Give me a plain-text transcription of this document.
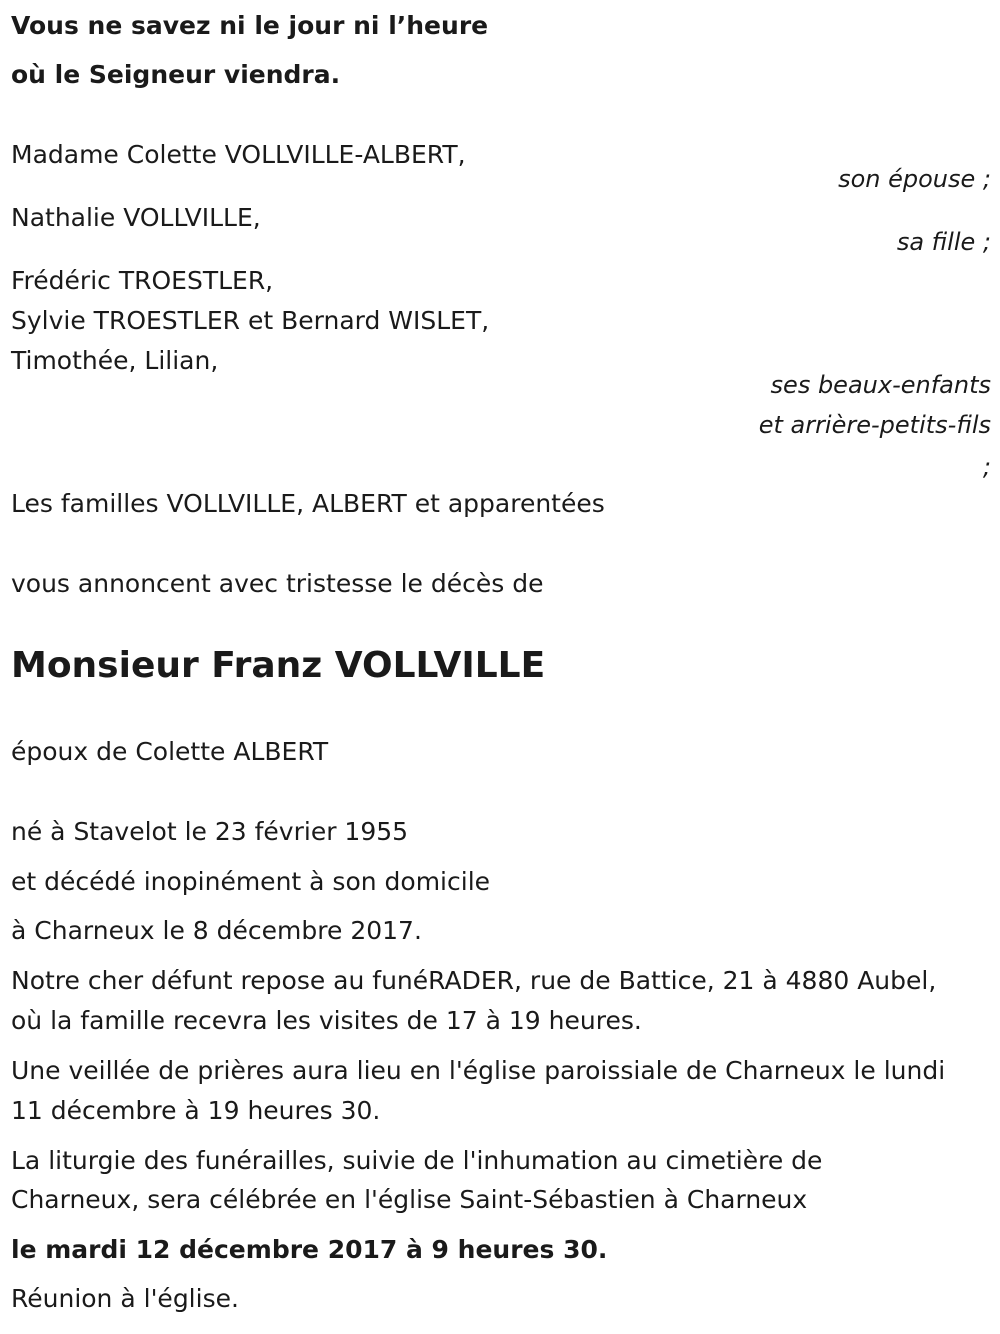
Vous ne savez ni le jour ni l’heure
où le Seigneur viendra.
Madame Colette VOLLVILLE-ALBERT,
son épouse ;
Nathalie VOLLVILLE,
sa fille ;
Frédéric TROESTLER,
Sylvie TROESTLER et Bernard WISLET,
Timothée, Lilian,
ses beaux-enfants
et arrière-petits-fils
;
Les familles VOLLVILLE, ALBERT et apparentées
vous annoncent avec tristesse le décès de
Monsieur Franz VOLLVILLE
époux de Colette ALBERT
né à Stavelot le 23 février 1955
et décédé inopinément à son domicile
à Charneux le 8 décembre 2017.
Notre cher défunt repose au funéRADER, rue de Battice, 21 à 4880 Aubel,
où la famille recevra les visites de 17 à 19 heures.
Une veillée de prières aura lieu en l'église paroissiale de Charneux le lundi
11 décembre à 19 heures 30.
La liturgie des funérailles, suivie de l'inhumation au cimetière de
Charneux, sera célébrée en l'église Saint-Sébastien à Charneux
le mardi 12 décembre 2017 à 9 heures 30.
Réunion à l'église.
